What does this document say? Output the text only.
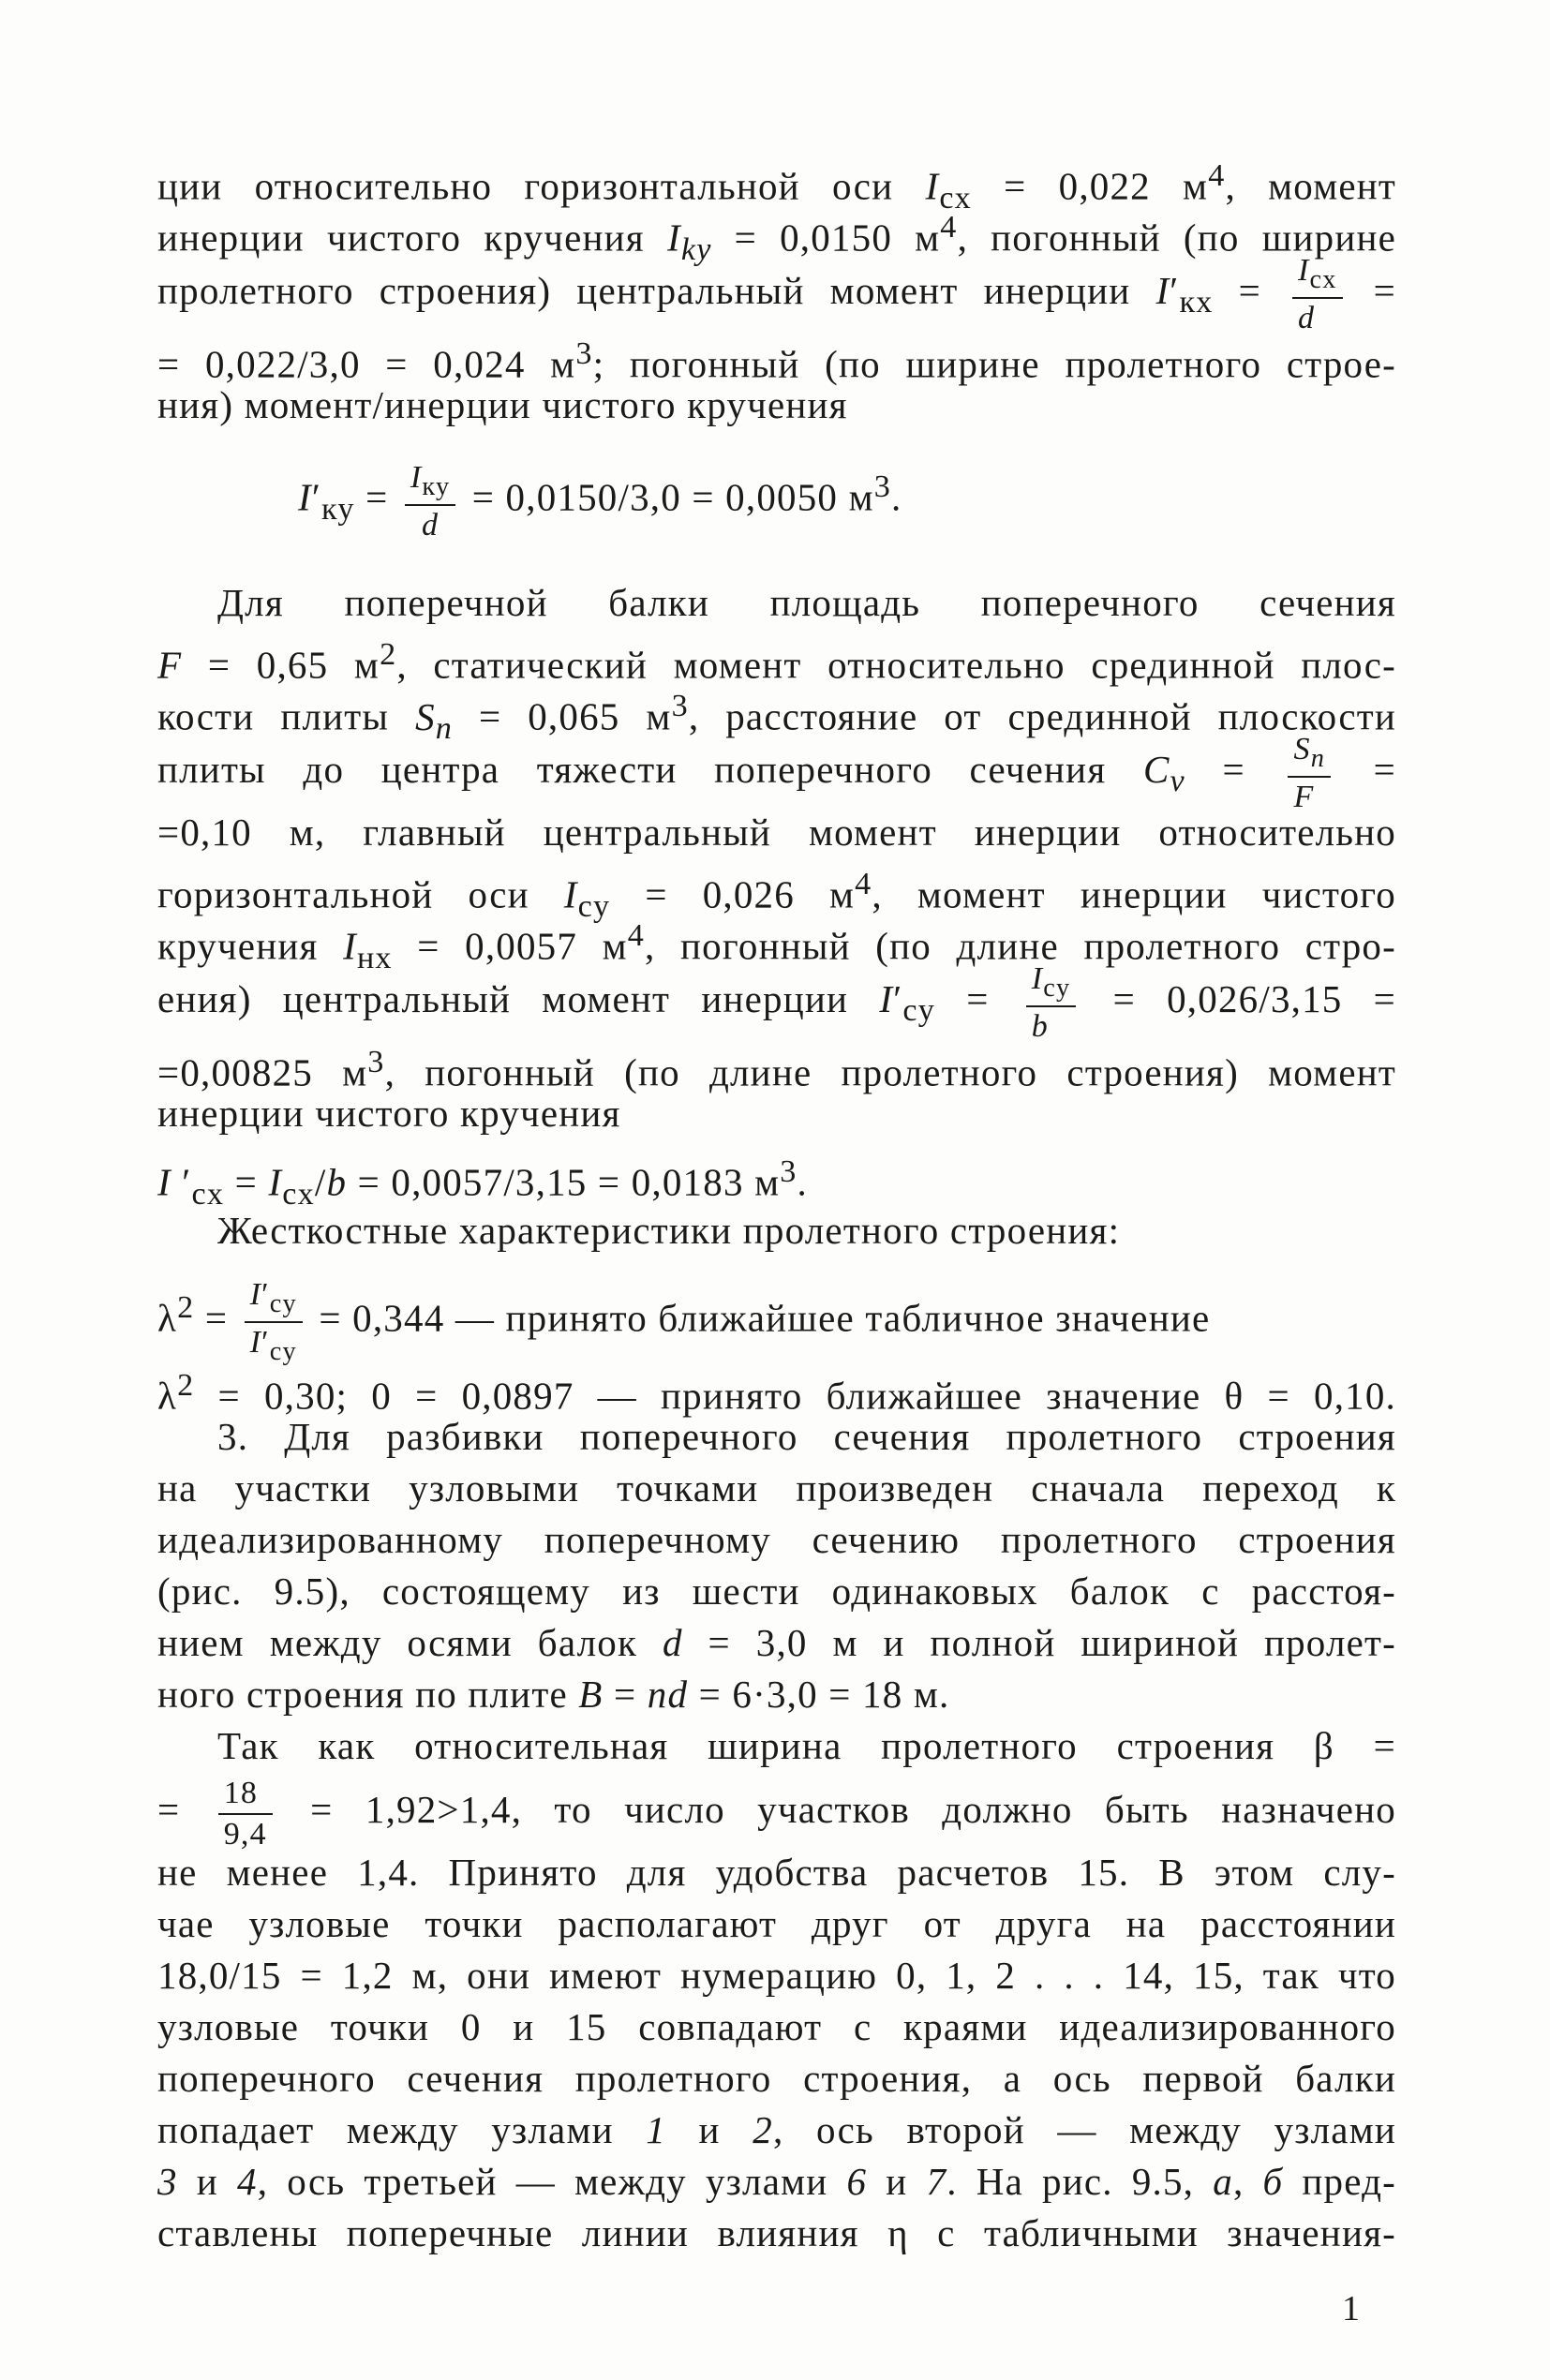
ции относительно горизонтальной оси $I_{cx} = 0,022$ $м^4$, момент
инерции чистого кручения $I_{ky} = 0,0150$ $м^4$, погонный (по ширине
пролетного строения) центральный момент инерции $I'_{кх} = \frac{I_{cx}}{d}$ =
= 0,022/3,0 = 0,024 $м^3$; погонный (по ширине пролетного строе-
ния) момент/инерции чистого кручения
$I'_{ку} = \frac{I_{ку}}{d} = 0,0150/3,0 = 0,0050$ $м^3$.
Для поперечной балки площадь поперечного сечения
F = 0,65 $м^2$, статический момент относительно срединной плос-
кости плиты $S_n = 0,065$ $м^3$, расстояние от срединной плоскости
плиты до центра тяжести поперечного сечения $C_v = \frac{S_n}{F}$ =
=0,10 м, главный центральный момент инерции относительно
горизонтальной оси $I_{cy} = 0,026$ $м^4$, момент инерции чистого
кручения $I_{нх} = 0,0057$ $м^4$, погонный (по длине пролетного стро-
ения) центральный момент инерции $I'_{cy} = \frac{I_{cy}}{b} = 0,026/3,15$ =
=0,00825 $м^3$, погонный (по длине пролетного строения) момент
инерции чистого кручения
I $'_{cx} = I_{cx}/b = 0,0057/3,15 = 0,0183$ $м^3$.
Жесткостные характеристики пролетного строения:
$\lambda^2 = \frac{I'_{cy}}{I'_{cy}} = 0,344$ — принято ближайшее табличное значение
$\lambda^2 = 0,30$; 0 = 0,0897 — принято ближайшее значение θ = 0,10.
3. Для разбивки поперечного сечения пролетного строения
на участки узловыми точками произведен сначала переход к
идеализированному поперечному сечению пролетного строения
(рис. 9.5), состоящему из шести одинаковых балок с расстоя-
нием между осями балок d = 3,0 м и полной шириной пролет-
ного строения по плите B = nd = 6·3,0 = 18 м.
Так как относительная ширина пролетного строения β =
= $\frac{18}{9,4} = 1,92>1,4$, то число участков должно быть назначено
не менее 1,4. Принято для удобства расчетов 15. В этом слу-
чае узловые точки располагают друг от друга на расстоянии
18,0/15 = 1,2 м, они имеют нумерацию 0, 1, 2 . . . 14, 15, так что
узловые точки 0 и 15 совпадают с краями идеализированного
поперечного сечения пролетного строения, а ось первой балки
попадает между узлами 1 и 2, ось второй — между узлами
3 и 4, ось третьей — между узлами 6 и 7. На рис. 9.5, а, б пред-
ставлены поперечные линии влияния η с табличными значения-
1
